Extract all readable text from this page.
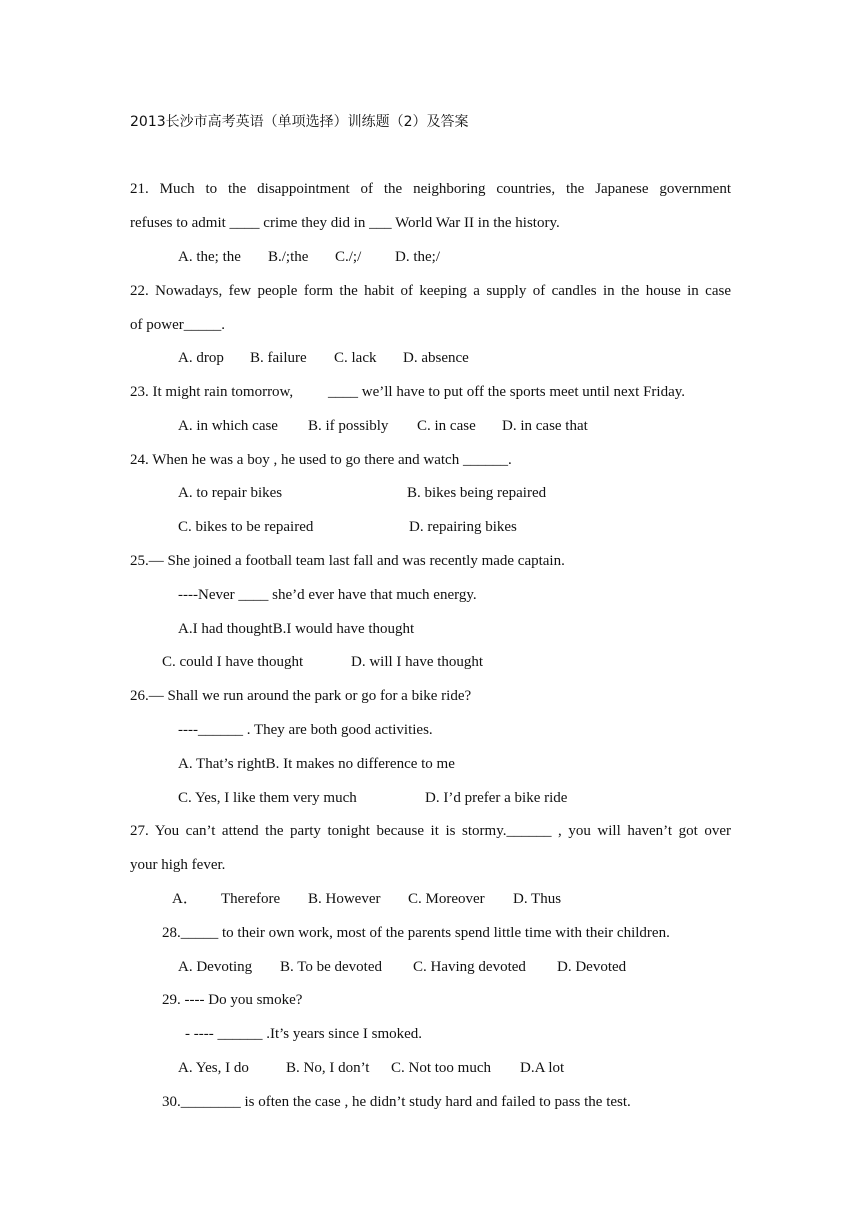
2013长沙市高考英语（单项选择）训练题（2）及答案
21. Much to the disappointment of the neighboring countries, the Japanese government
refuses to admit ____ crime they did in ___ World War II in the history.
A. the; the B./;the C./;/ D. the;/
22. Nowadays, few people form the habit of keeping a supply of candles in the house in case
of power_____.
A. drop B. failure C. lack D. absence
23. It might rain tomorrow, ____ we’ll have to put off the sports meet until next Friday.
A. in which case B. if possibly C. in case D. in case that
24. When he was a boy , he used to go there and watch ______.
A. to repair bikes	B. bikes being repaired
C. bikes to be repaired	D. repairing bikes
25.— She joined a football team last fall and was recently made captain.
----Never ____ she’d ever have that much energy.
A.I had thoughtB.I would have thought
C. could I have thought	D. will I have thought
26.— Shall we run around the park or go for a bike ride?
----______ . They are both good activities.
A. That’s rightB. It makes no difference to me
C. Yes, I like them very much	D. I’d prefer a bike ride
27. You can’t attend the party tonight because it is stormy.______ , you will haven’t got over
your high fever.
A． Therefore B. However C. Moreover D. Thus
28._____ to their own work, most of the parents spend little time with their children.
A. Devoting B. To be devoted C. Having devoted D. Devoted
29. ---- Do you smoke?
- ---- ______ .It’s years since I smoked.
A. Yes, I do B. No, I don’t C. Not too much D.A lot
30.________ is often the case , he didn’t study hard and failed to pass the test.
